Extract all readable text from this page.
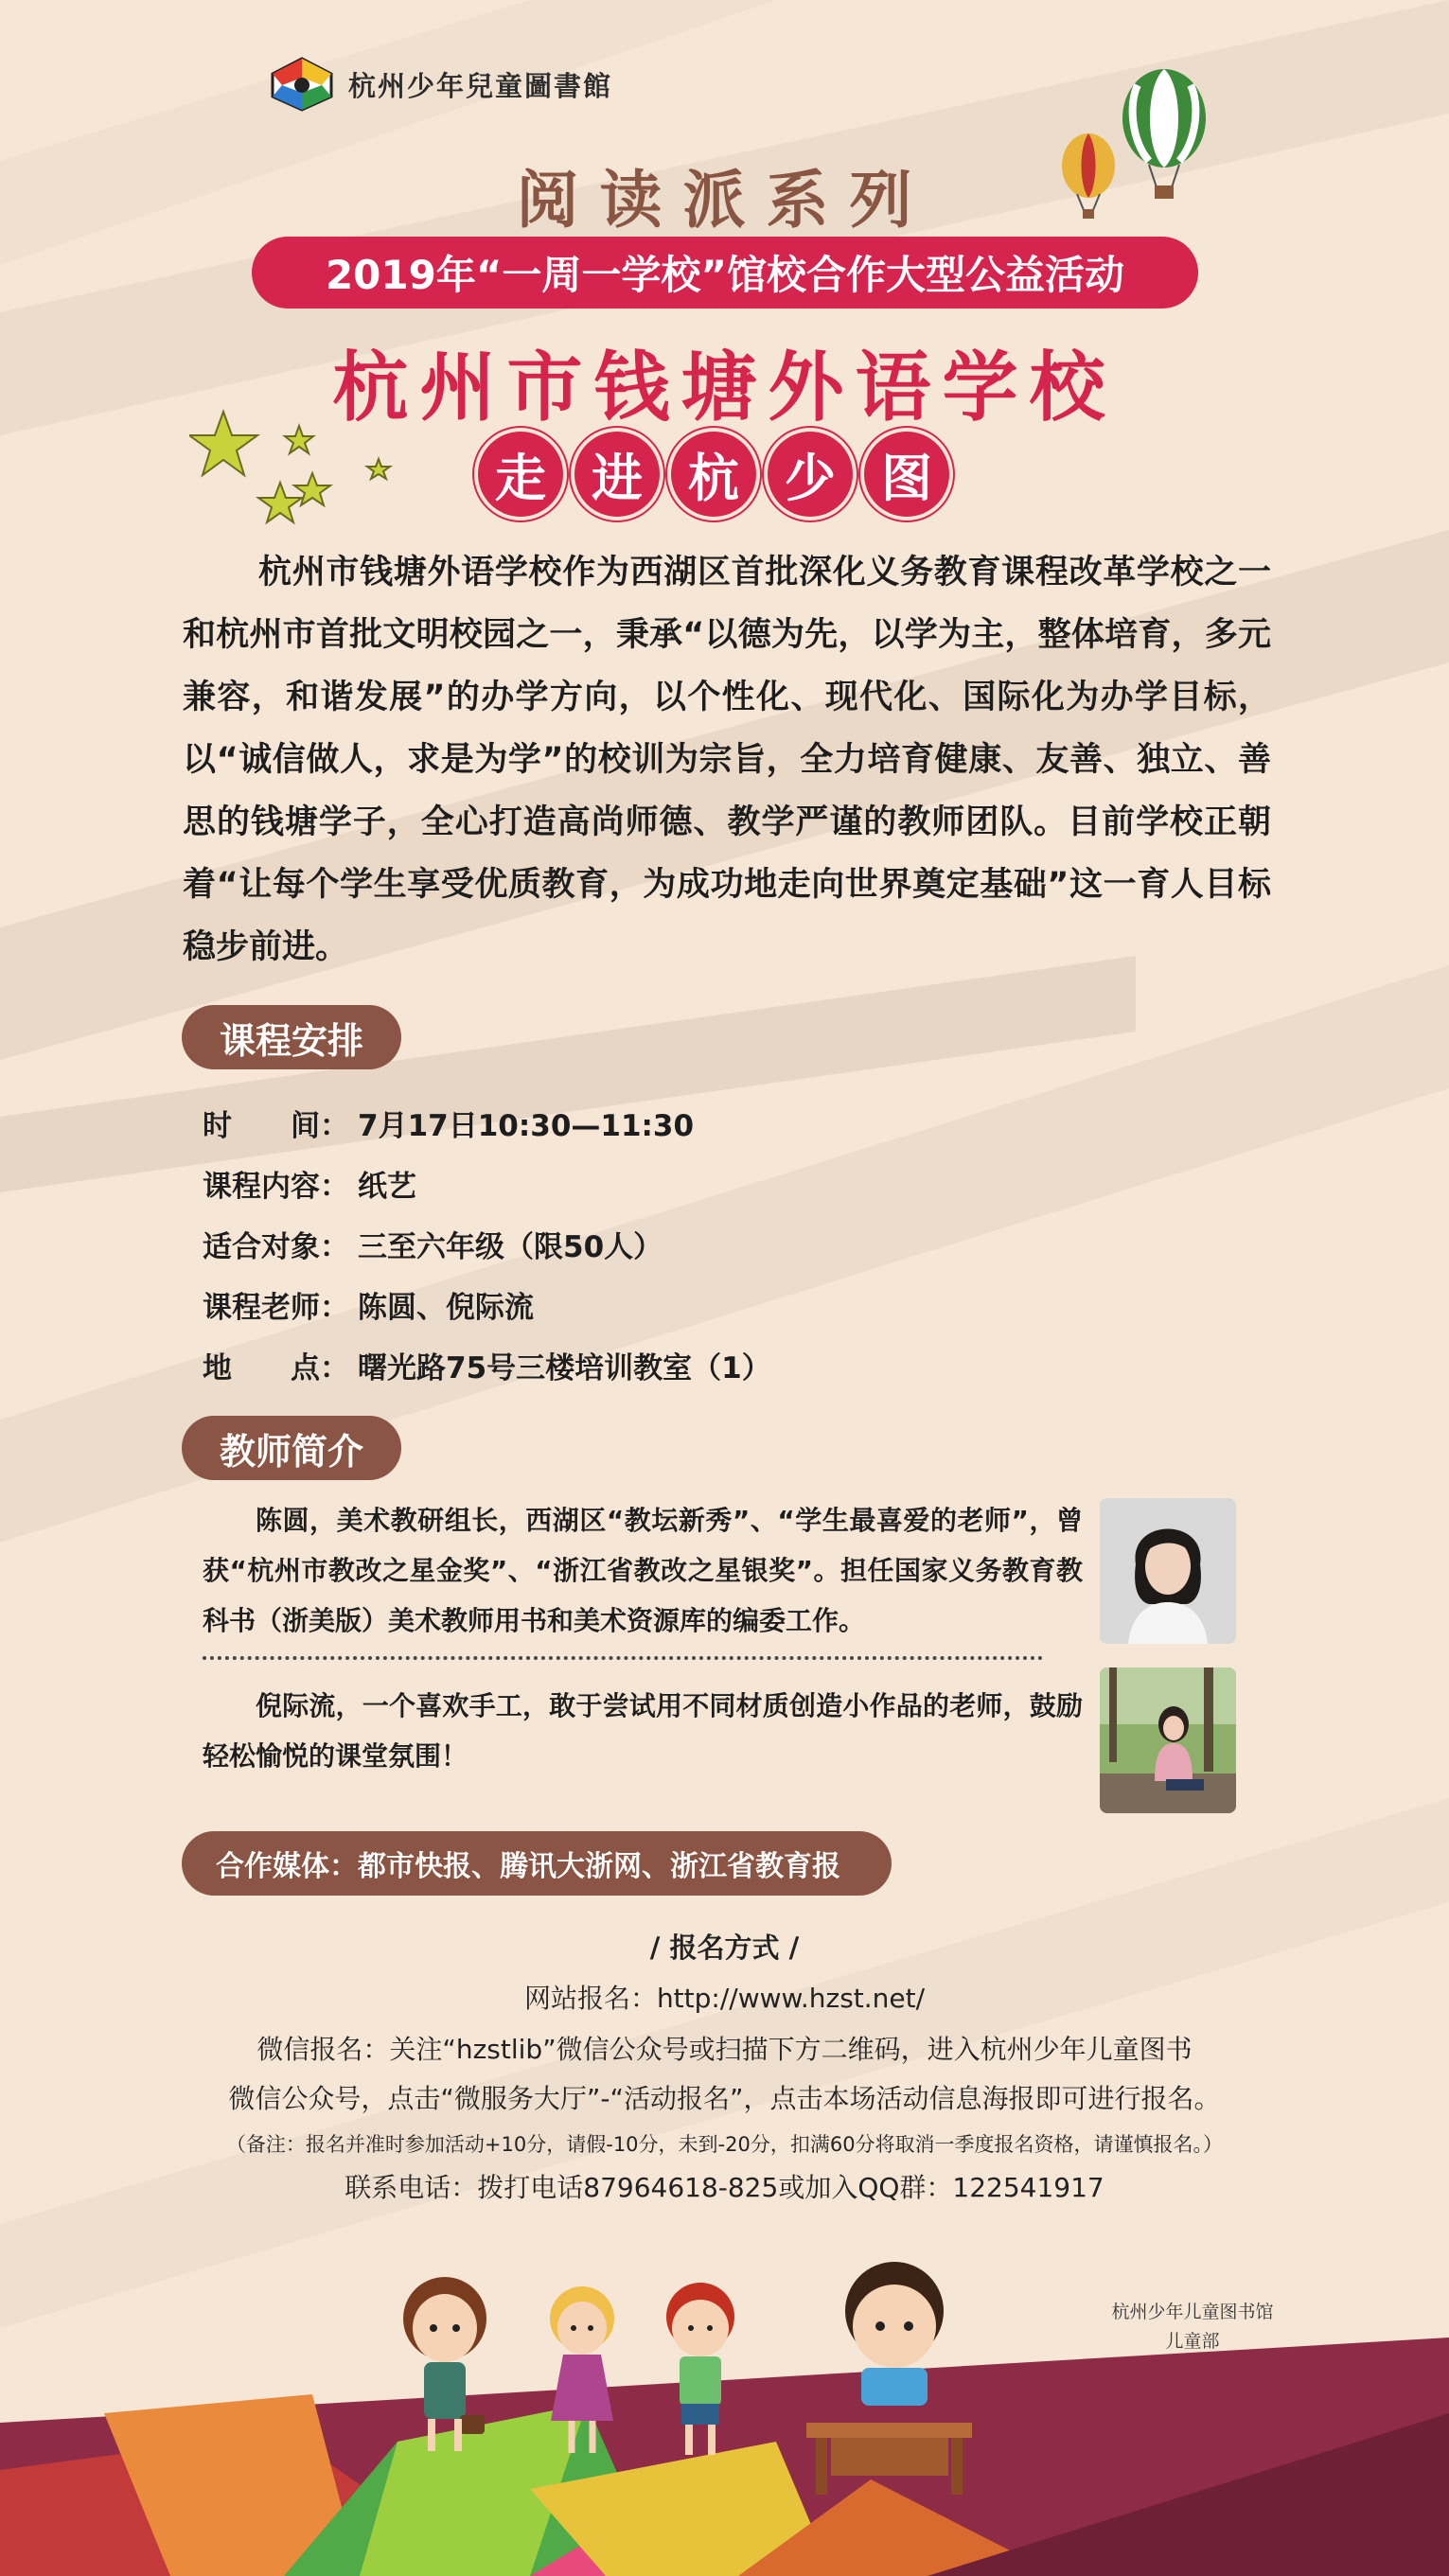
杭州少年兒童圖書館
阅读派系列
2019年“一周一学校”馆校合作大型公益活动
杭州市钱塘外语学校
走 进 杭 少 图

杭州市钱塘外语学校作为西湖区首批深化义务教育课程改革学校之一和杭州市首批文明校园之一，秉承“以德为先，以学为主，整体培育，多元兼容，和谐发展”的办学方向，以个性化、现代化、国际化为办学目标，以“诚信做人，求是为学”的校训为宗旨，全力培育健康、友善、独立、善思的钱塘学子，全心打造高尚师德、教学严谨的教师团队。目前学校正朝着“让每个学生享受优质教育，为成功地走向世界奠定基础”这一育人目标稳步前进。

课程安排
时　　间： 7月17日10:30—11:30
课程内容： 纸艺
适合对象： 三至六年级（限50人）
课程老师： 陈圆、倪际流
地　　点： 曙光路75号三楼培训教室（1）
教师简介

陈圆，美术教研组长，西湖区“教坛新秀”、“学生最喜爱的老师”，曾获“杭州市教改之星金奖”、“浙江省教改之星银奖”。担任国家义务教育教科书（浙美版）美术教师用书和美术资源库的编委工作。

倪际流，一个喜欢手工，敢于尝试用不同材质创造小作品的老师，鼓励轻松愉悦的课堂氛围！

合作媒体：都市快报、腾讯大浙网、浙江省教育报
/ 报名方式 /
网站报名：http://www.hzst.net/
微信报名：关注“hzstlib”微信公众号或扫描下方二维码，进入杭州少年儿童图书
微信公众号，点击“微服务大厅”-“活动报名”，点击本场活动信息海报即可进行报名。
（备注：报名并准时参加活动+10分，请假-10分，未到-20分，扣满60分将取消一季度报名资格，请谨慎报名。）
联系电话：拨打电话87964618-825或加入QQ群：122541917
杭州少年儿童图书馆
儿童部
